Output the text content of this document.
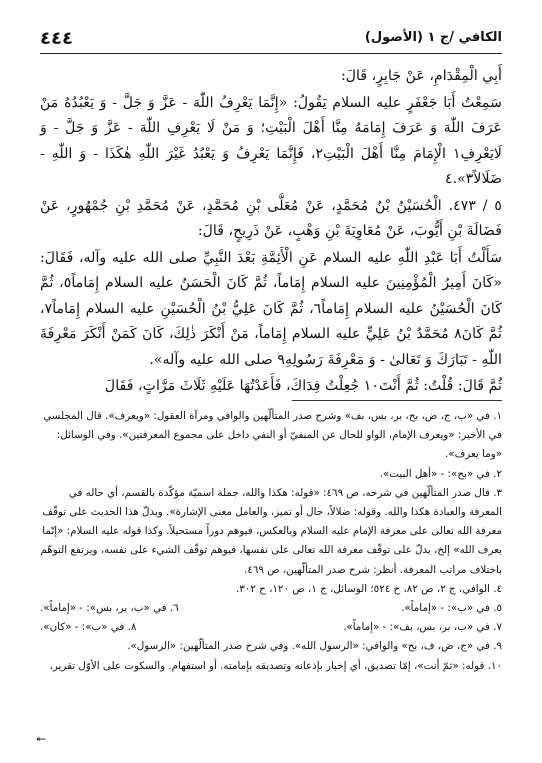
الكافي /ج ١ (الأصول)
٤٤٤

أَبِي الْمِقْدَامِ، عَنْ جَابِرٍ، قَالَ:

سَمِعْتُ أَبَا جَعْفَرٍ عليه السلام يَقُولُ: «إِنَّمَا يَعْرِفُ اللّٰهَ - عَزَّ وَ جَلَّ - وَ يَعْبُدُهُ مَنْ عَرَفَ اللّٰهَ وَ عَرَفَ إِمَامَهُ مِنَّا أَهْلَ الْبَيْتِ؛ وَ مَنْ لَا يَعْرِفِ اللّٰهَ - عَزَّ وَ جَلَّ - وَ لَايَعْرِفِ١ الْإِمَامَ مِنَّا أَهْلَ الْبَيْتِ٢، فَإِنَّمَا يَعْرِفُ وَ يَعْبُدُ غَيْرَ اللّٰهِ هٰكَذَا - وَ اللّٰهِ - ضَلَالاً٣».٤

٥ / ٤٧٣. الْحُسَيْنُ بْنُ مُحَمَّدٍ، عَنْ مُعَلَّى بْنِ مُحَمَّدٍ، عَنْ مُحَمَّدِ بْنِ جُمْهُورٍ، عَنْ فَضَالَةَ بْنِ أَيُّوبَ، عَنْ مُعَاوِيَةَ بْنِ وَهْبٍ، عَنْ ذَرِيحٍ، قَالَ:

سَأَلْتُ أَبَا عَبْدِ اللّٰهِ عليه السلام عَنِ الْأَئِمَّةِ بَعْدَ النَّبِيِّ صلى الله عليه وآله، فَقَالَ: «كَانَ أَمِيرُ الْمُؤْمِنِينَ عليه السلام إِمَاماً، ثُمَّ كَانَ الْحَسَنُ عليه السلام إِمَاماً٥، ثُمَّ كَانَ الْحُسَيْنُ عليه السلام إِمَاماً٦، ثُمَّ كَانَ عَلِيُّ بْنُ الْحُسَيْنِ عليه السلام إِمَاماً٧، ثُمَّ كَانَ٨ مُحَمَّدُ بْنُ عَلِيٍّ عليه السلام إِمَاماً، مَنْ أَنْكَرَ ذٰلِكَ، كَانَ كَمَنْ أَنْكَرَ مَعْرِفَةَ اللّٰهِ - تَبَارَكَ وَ تَعَالىٰ - وَ مَعْرِفَةَ رَسُولِهِ٩ صلى الله عليه وآله».

ثُمَّ قَالَ: قُلْتُ: ثُمَّ أَنْتَ١٠ جُعِلْتُ فِدَاكَ، فَأَعَدْتُهَا عَلَيْهِ ثَلَاثَ مَرَّاتٍ، فَقَالَ

١. في «ب، ج، ض، بح، بر، بس، بف» وشرح صدر المتألّهين والوافي ومرآة العقول: «ويعرف». قال المجلسي في الأخير: «ويعرف الإمام، الواو للحال عن المنفيّ أو النفي داخل على مجموع المعرفتين». وفي الوسائل: «وما يعرف».

٢. في «بح»: - «أهل البيت».

٣. قال صدر المتألّهين في شرحه، ص ٤٦٩: «قوله: هكذا والله، جملة اسميّة مؤكّدة بالقسم، أي حاله في المعرفة والعبادة هكذا والله. وقوله: ضلالاً، حال أو تميز، والعامل معنى الإشارة». ويدلّ هذا الحديث على توقّف معرفة الله تعالى على معرفة الإمام عليه السلام وبالعكس، فيوهم دوراً مستحيلاً. وكذا قوله عليه السلام: «إنّما يعرف الله» إلخ، يدلّ على توقّف معرفة الله تعالى على نفسها، فيوهم توقّف الشيء على نفسه، ويرتفع التوهّم باختلاف مراتب المعرفة. أنظر: شرح صدر المتألّهين، ص ٤٦٩.

٤. الوافي، ج ٢، ص ٨٢، ح ٥٢٤؛ الوسائل، ج ١، ص ١٢٠، ح ٣٠٢.

٥. في «ب»: - «إماماً».
٦. في «ب، بر، بس»: - «إماماً».
٧. في «ب، بر، بس، بف»: - «إماماً».
٨. في «ب»: - «كان».

٩. في «ج، ض، ف، بح» والوافي: «الرسول الله». وفي شرح صدر المتألّهين: «الرسول».

١٠. قوله: «ثمّ أنت»، إمّا تصديق، أي إخبار بإذعانه وتصديقه بإمامته. أو استفهام. والسكوت على الأوّل تقرير،

↞
